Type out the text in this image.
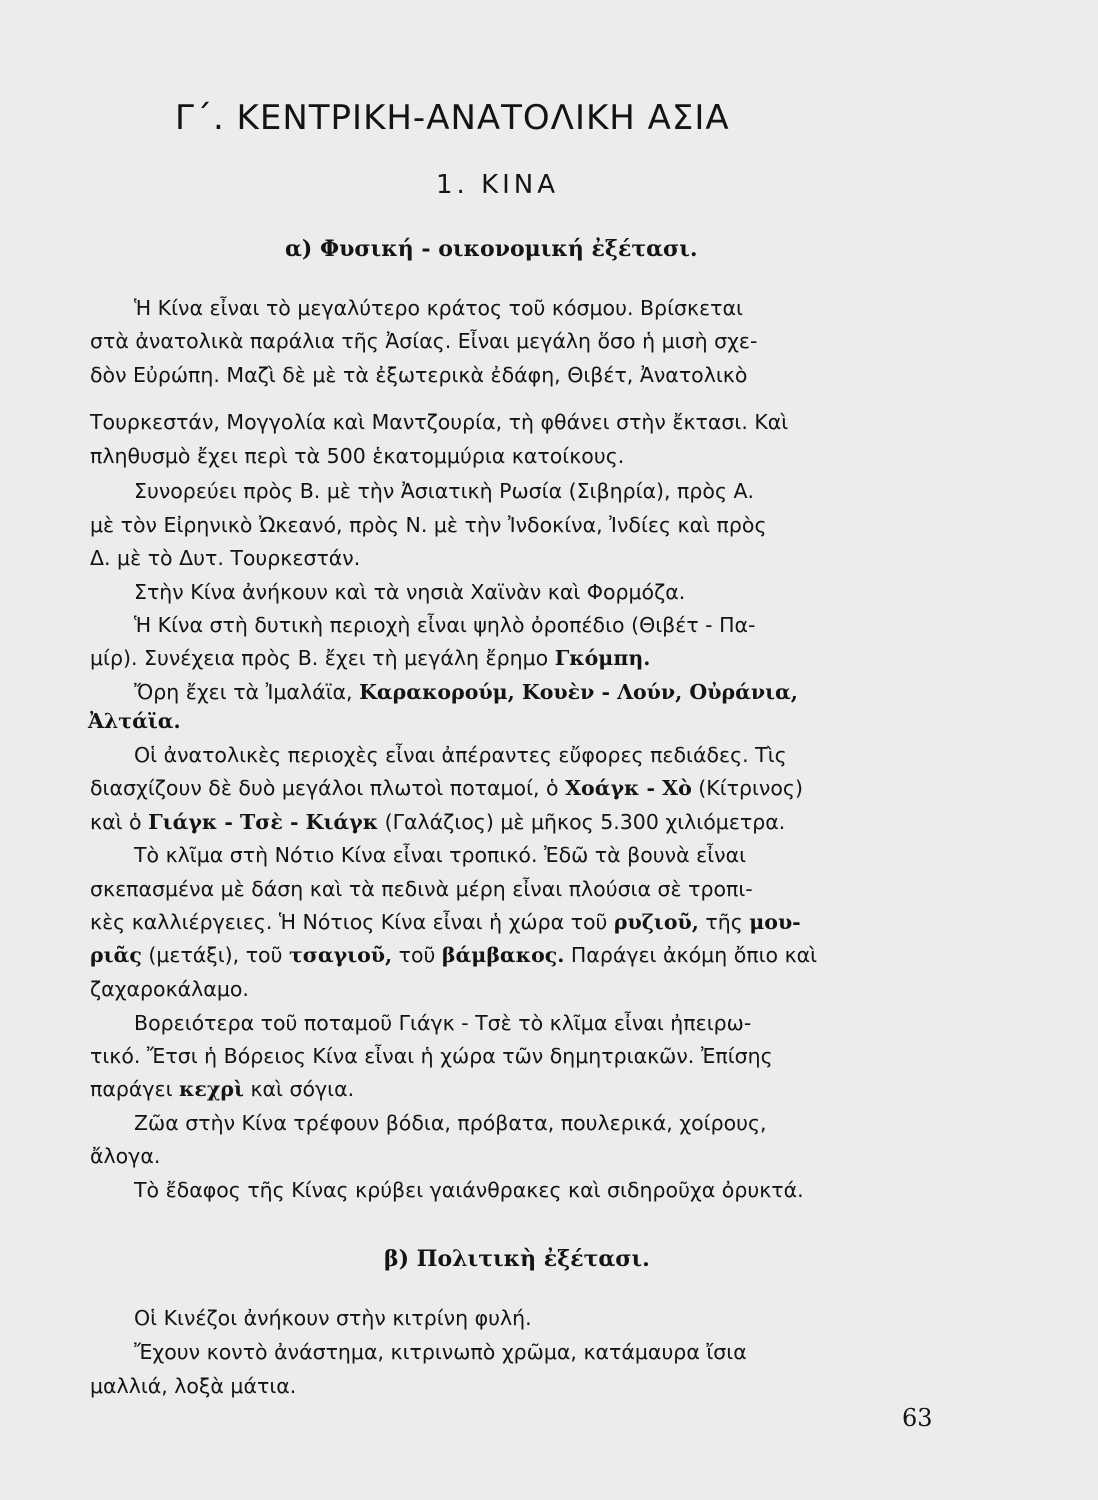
Γ΄. ΚΕΝΤΡΙΚΗ-ΑΝΑΤΟΛΙΚΗ ΑΣΙΑ
1. ΚΙΝΑ
α) Φυσική - οικονομική ἐξέτασι.
Ἡ Κίνα εἶναι τὸ μεγαλύτερο κράτος τοῦ κόσμου. Βρίσκεται
στὰ ἀνατολικὰ παράλια τῆς Ἀσίας. Εἶναι μεγάλη ὅσο ἡ μισὴ σχε-
δὸν Εὐρώπη. Μαζὶ δὲ μὲ τὰ ἐξωτερικὰ ἐδάφη, Θιβέτ, Ἀνατολικὸ
Τουρκεστάν, Μογγολία καὶ Μαντζουρία, τὴ φθάνει στὴν ἔκτασι. Καὶ
πληθυσμὸ ἔχει περὶ τὰ 500 ἑκατομμύρια κατοίκους.
Συνορεύει πρὸς Β. μὲ τὴν Ἀσιατικὴ Ρωσία (Σιβηρία), πρὸς Α.
μὲ τὸν Εἰρηνικὸ Ὠκεανό, πρὸς Ν. μὲ τὴν Ἰνδοκίνα, Ἰνδίες καὶ πρὸς
Δ. μὲ τὸ Δυτ. Τουρκεστάν.
Στὴν Κίνα ἀνήκουν καὶ τὰ νησιὰ Χαϊνὰν καὶ Φορμόζα.
Ἡ Κίνα στὴ δυτικὴ περιοχὴ εἶναι ψηλὸ ὀροπέδιο (Θιβέτ - Πα-
μίρ). Συνέχεια πρὸς Β. ἔχει τὴ μεγάλη ἔρημο Γκόμπη.
Ὄρη ἔχει τὰ Ἰμαλάϊα, Καρακορούμ, Κουὲν - Λούν, Οὐράνια,
Ἀλτάϊα.
Οἱ ἀνατολικὲς περιοχὲς εἶναι ἀπέραντες εὔφορες πεδιάδες. Τὶς
διασχίζουν δὲ δυὸ μεγάλοι πλωτοὶ ποταμοί, ὁ Χοάγκ - Χὸ (Κίτρινος)
καὶ ὁ Γιάγκ - Τσὲ - Κιάγκ (Γαλάζιος) μὲ μῆκος 5.300 χιλιόμετρα.
Τὸ κλῖμα στὴ Νότιο Κίνα εἶναι τροπικό. Ἐδῶ τὰ βουνὰ εἶναι
σκεπασμένα μὲ δάση καὶ τὰ πεδινὰ μέρη εἶναι πλούσια σὲ τροπι-
κὲς καλλιέργειες. Ἡ Νότιος Κίνα εἶναι ἡ χώρα τοῦ ρυζιοῦ, τῆς μου-
ριᾶς (μετάξι), τοῦ τσαγιοῦ, τοῦ βάμβακος. Παράγει ἀκόμη ὄπιο καὶ
ζαχαροκάλαμο.
Βορειότερα τοῦ ποταμοῦ Γιάγκ - Τσὲ τὸ κλῖμα εἶναι ἠπειρω-
τικό. Ἔτσι ἡ Βόρειος Κίνα εἶναι ἡ χώρα τῶν δημητριακῶν. Ἐπίσης
παράγει κεχρὶ καὶ σόγια.
Ζῶα στὴν Κίνα τρέφουν βόδια, πρόβατα, πουλερικά, χοίρους,
ἄλογα.
Τὸ ἔδαφος τῆς Κίνας κρύβει γαιάνθρακες καὶ σιδηροῦχα ὀρυκτά.
β) Πολιτικὴ ἐξέτασι.
Οἱ Κινέζοι ἀνήκουν στὴν κιτρίνη φυλή.
Ἔχουν κοντὸ ἀνάστημα, κιτρινωπὸ χρῶμα, κατάμαυρα ἴσια
μαλλιά, λοξὰ μάτια.
63
